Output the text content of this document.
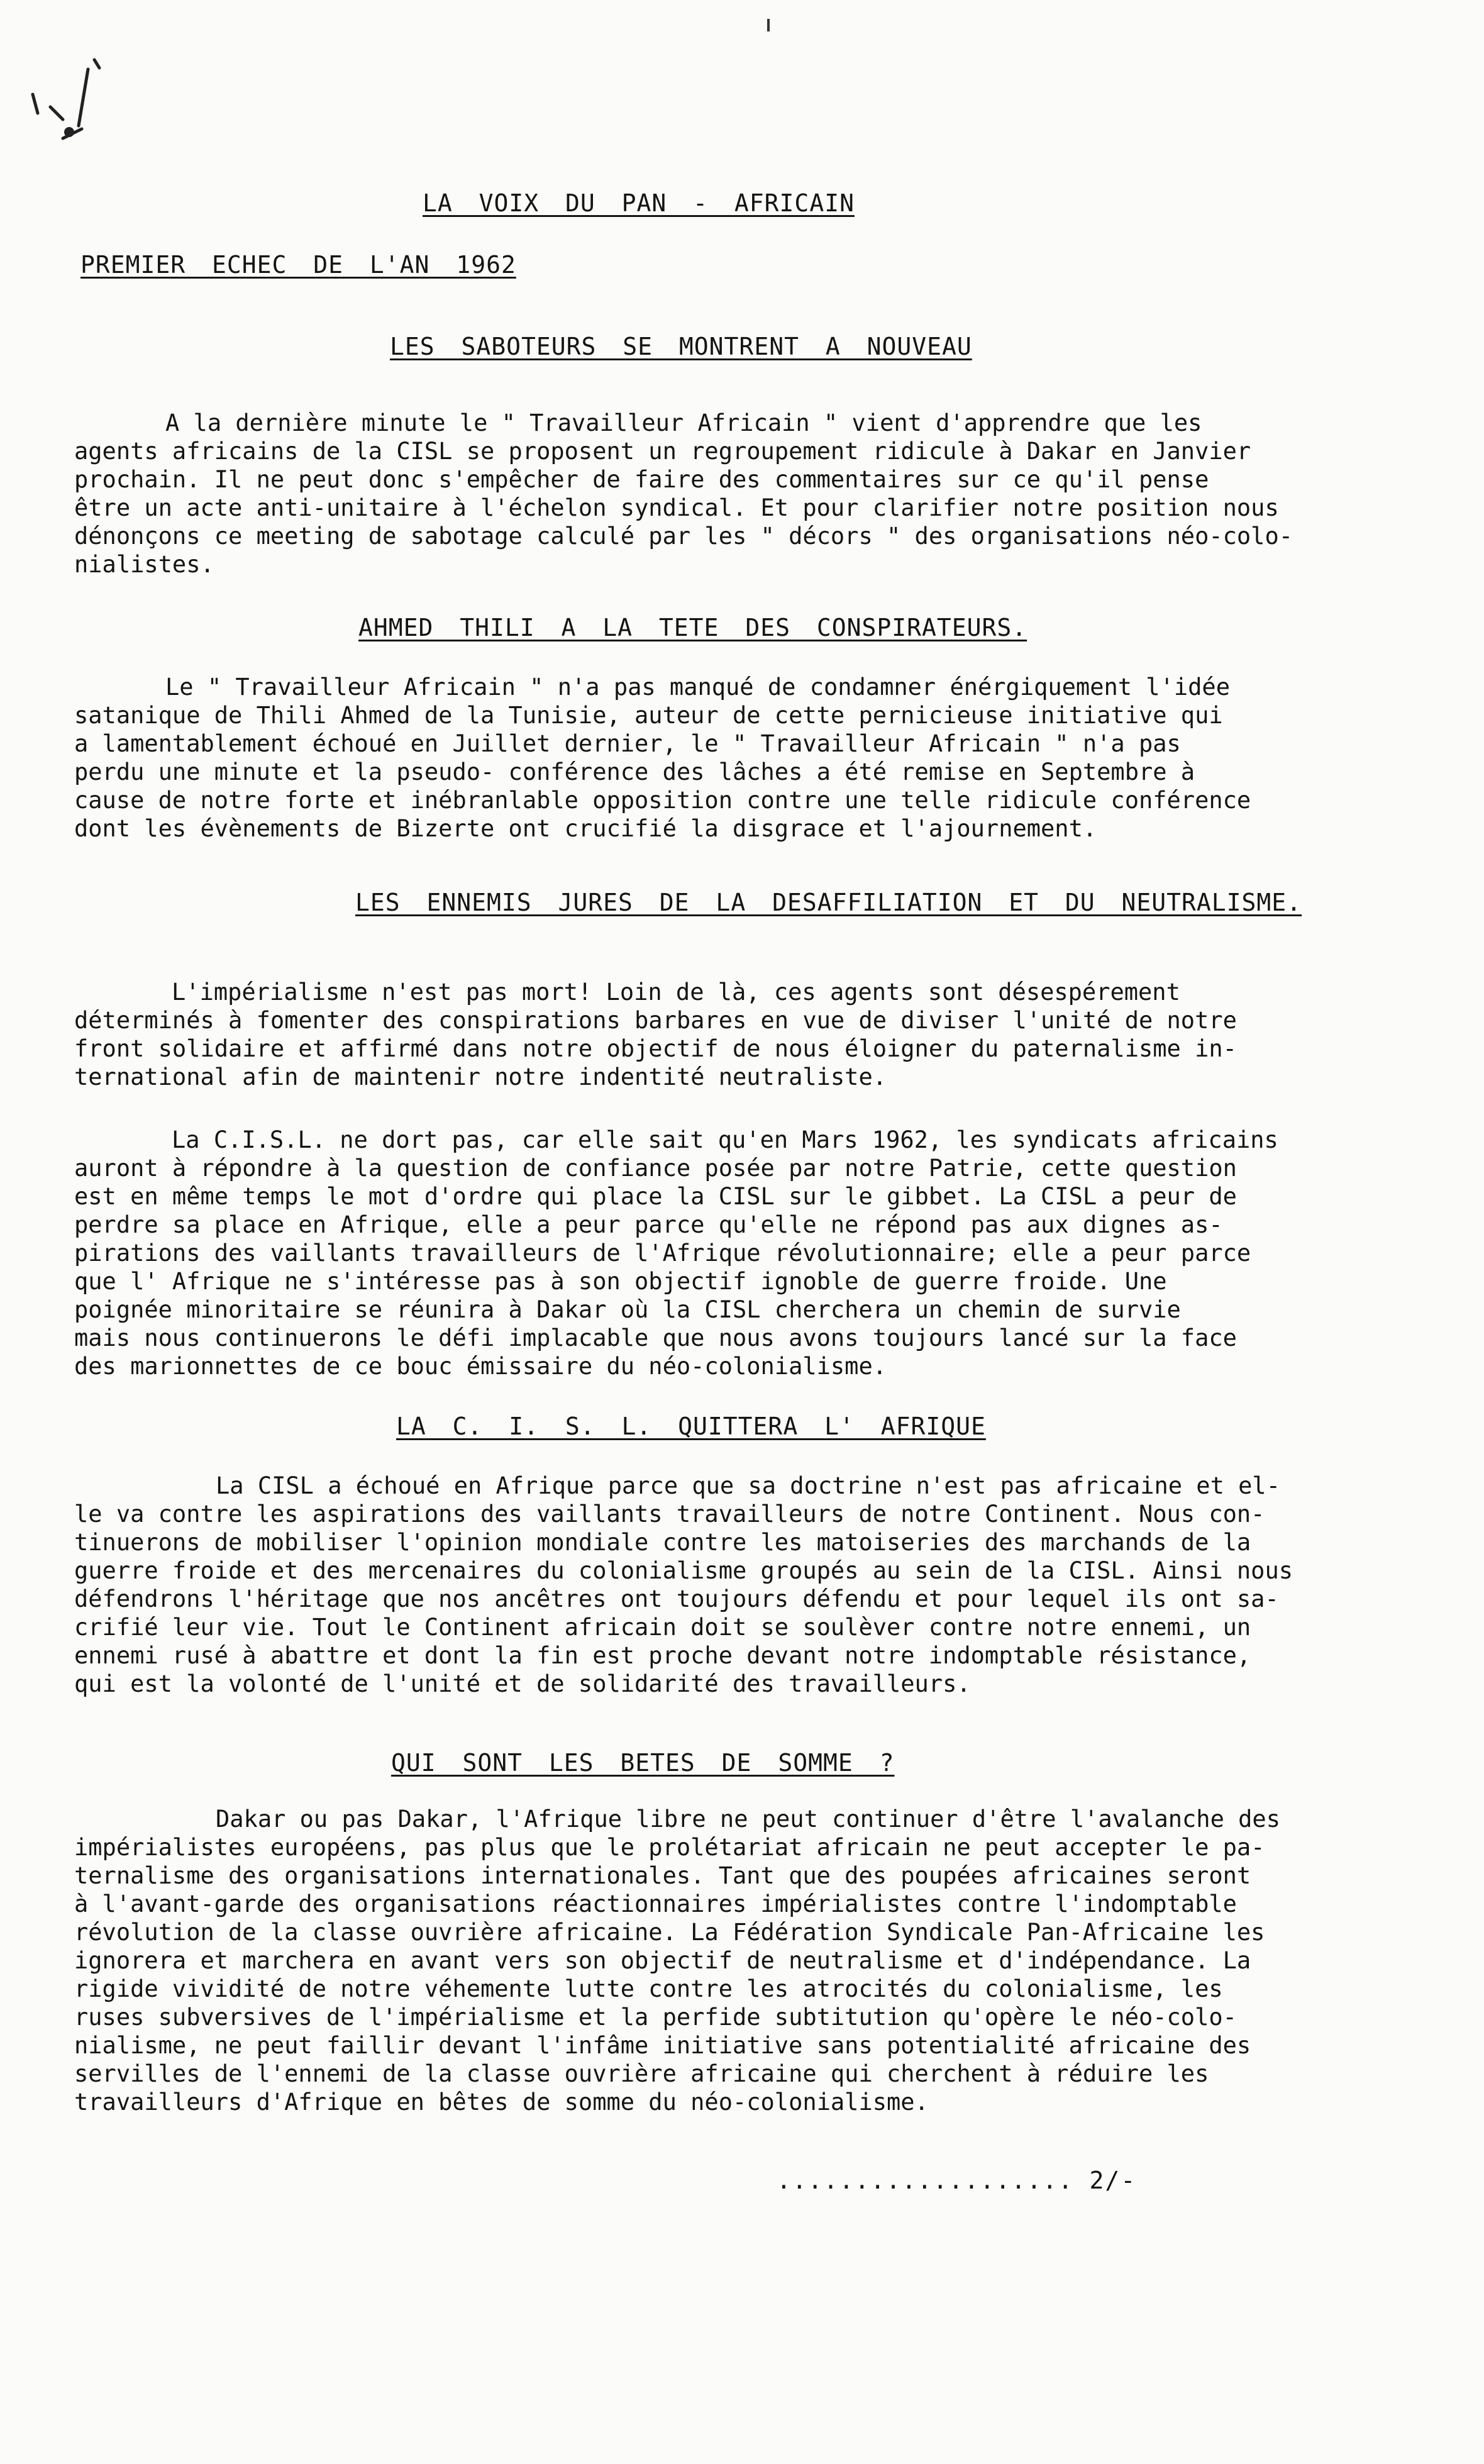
LA VOIX DU PAN - AFRICAIN
PREMIER ECHEC DE L'AN 1962
LES SABOTEURS SE MONTRENT A NOUVEAU
A la dernière minute le " Travailleur Africain " vient d'apprendre que les
agents africains de la CISL se proposent un regroupement ridicule à Dakar en Janvier
prochain. Il ne peut donc s'empêcher de faire des commentaires sur ce qu'il pense
être un acte anti-unitaire à l'échelon syndical. Et pour clarifier notre position nous
dénonçons ce meeting de sabotage calculé par les " décors " des organisations néo-colo-
nialistes.
AHMED THILI A LA TETE DES CONSPIRATEURS.
Le " Travailleur Africain " n'a pas manqué de condamner énérgiquement l'idée
satanique de Thili Ahmed de la Tunisie, auteur de cette pernicieuse initiative qui
a lamentablement échoué en Juillet dernier, le " Travailleur Africain " n'a pas
perdu une minute et la pseudo- conférence des lâches a été remise en Septembre à
cause de notre forte et inébranlable opposition contre une telle ridicule conférence
dont les évènements de Bizerte ont crucifié la disgrace et l'ajournement.
LES ENNEMIS JURES DE LA DESAFFILIATION ET DU NEUTRALISME.
L'impérialisme n'est pas mort! Loin de là, ces agents sont désespérement
déterminés à fomenter des conspirations barbares en vue de diviser l'unité de notre
front solidaire et affirmé dans notre objectif de nous éloigner du paternalisme in-
ternational afin de maintenir notre indentité neutraliste.
La C.I.S.L. ne dort pas, car elle sait qu'en Mars 1962, les syndicats africains
auront à répondre à la question de confiance posée par notre Patrie, cette question
est en même temps le mot d'ordre qui place la CISL sur le gibbet. La CISL a peur de
perdre sa place en Afrique, elle a peur parce qu'elle ne répond pas aux dignes as-
pirations des vaillants travailleurs de l'Afrique révolutionnaire; elle a peur parce
que l' Afrique ne s'intéresse pas à son objectif ignoble de guerre froide. Une
poignée minoritaire se réunira à Dakar où la CISL cherchera un chemin de survie
mais nous continuerons le défi implacable que nous avons toujours lancé sur la face
des marionnettes de ce bouc émissaire du néo-colonialisme.
LA C. I. S. L. QUITTERA L' AFRIQUE
La CISL a échoué en Afrique parce que sa doctrine n'est pas africaine et el-
le va contre les aspirations des vaillants travailleurs de notre Continent. Nous con-
tinuerons de mobiliser l'opinion mondiale contre les matoiseries des marchands de la
guerre froide et des mercenaires du colonialisme groupés au sein de la CISL. Ainsi nous
défendrons l'héritage que nos ancêtres ont toujours défendu et pour lequel ils ont sa-
crifié leur vie. Tout le Continent africain doit se soulèver contre notre ennemi, un
ennemi rusé à abattre et dont la fin est proche devant notre indomptable résistance,
qui est la volonté de l'unité et de solidarité des travailleurs.
QUI SONT LES BETES DE SOMME ?
Dakar ou pas Dakar, l'Afrique libre ne peut continuer d'être l'avalanche des
impérialistes européens, pas plus que le prolétariat africain ne peut accepter le pa-
ternalisme des organisations internationales. Tant que des poupées africaines seront
à l'avant-garde des organisations réactionnaires impérialistes contre l'indomptable
révolution de la classe ouvrière africaine. La Fédération Syndicale Pan-Africaine les
ignorera et marchera en avant vers son objectif de neutralisme et d'indépendance. La
rigide vividité de notre véhemente lutte contre les atrocités du colonialisme, les
ruses subversives de l'impérialisme et la perfide subtitution qu'opère le néo-colo-
nialisme, ne peut faillir devant l'infâme initiative sans potentialité africaine des
servilles de l'ennemi de la classe ouvrière africaine qui cherchent à réduire les
travailleurs d'Afrique en bêtes de somme du néo-colonialisme.
................... 2/-
